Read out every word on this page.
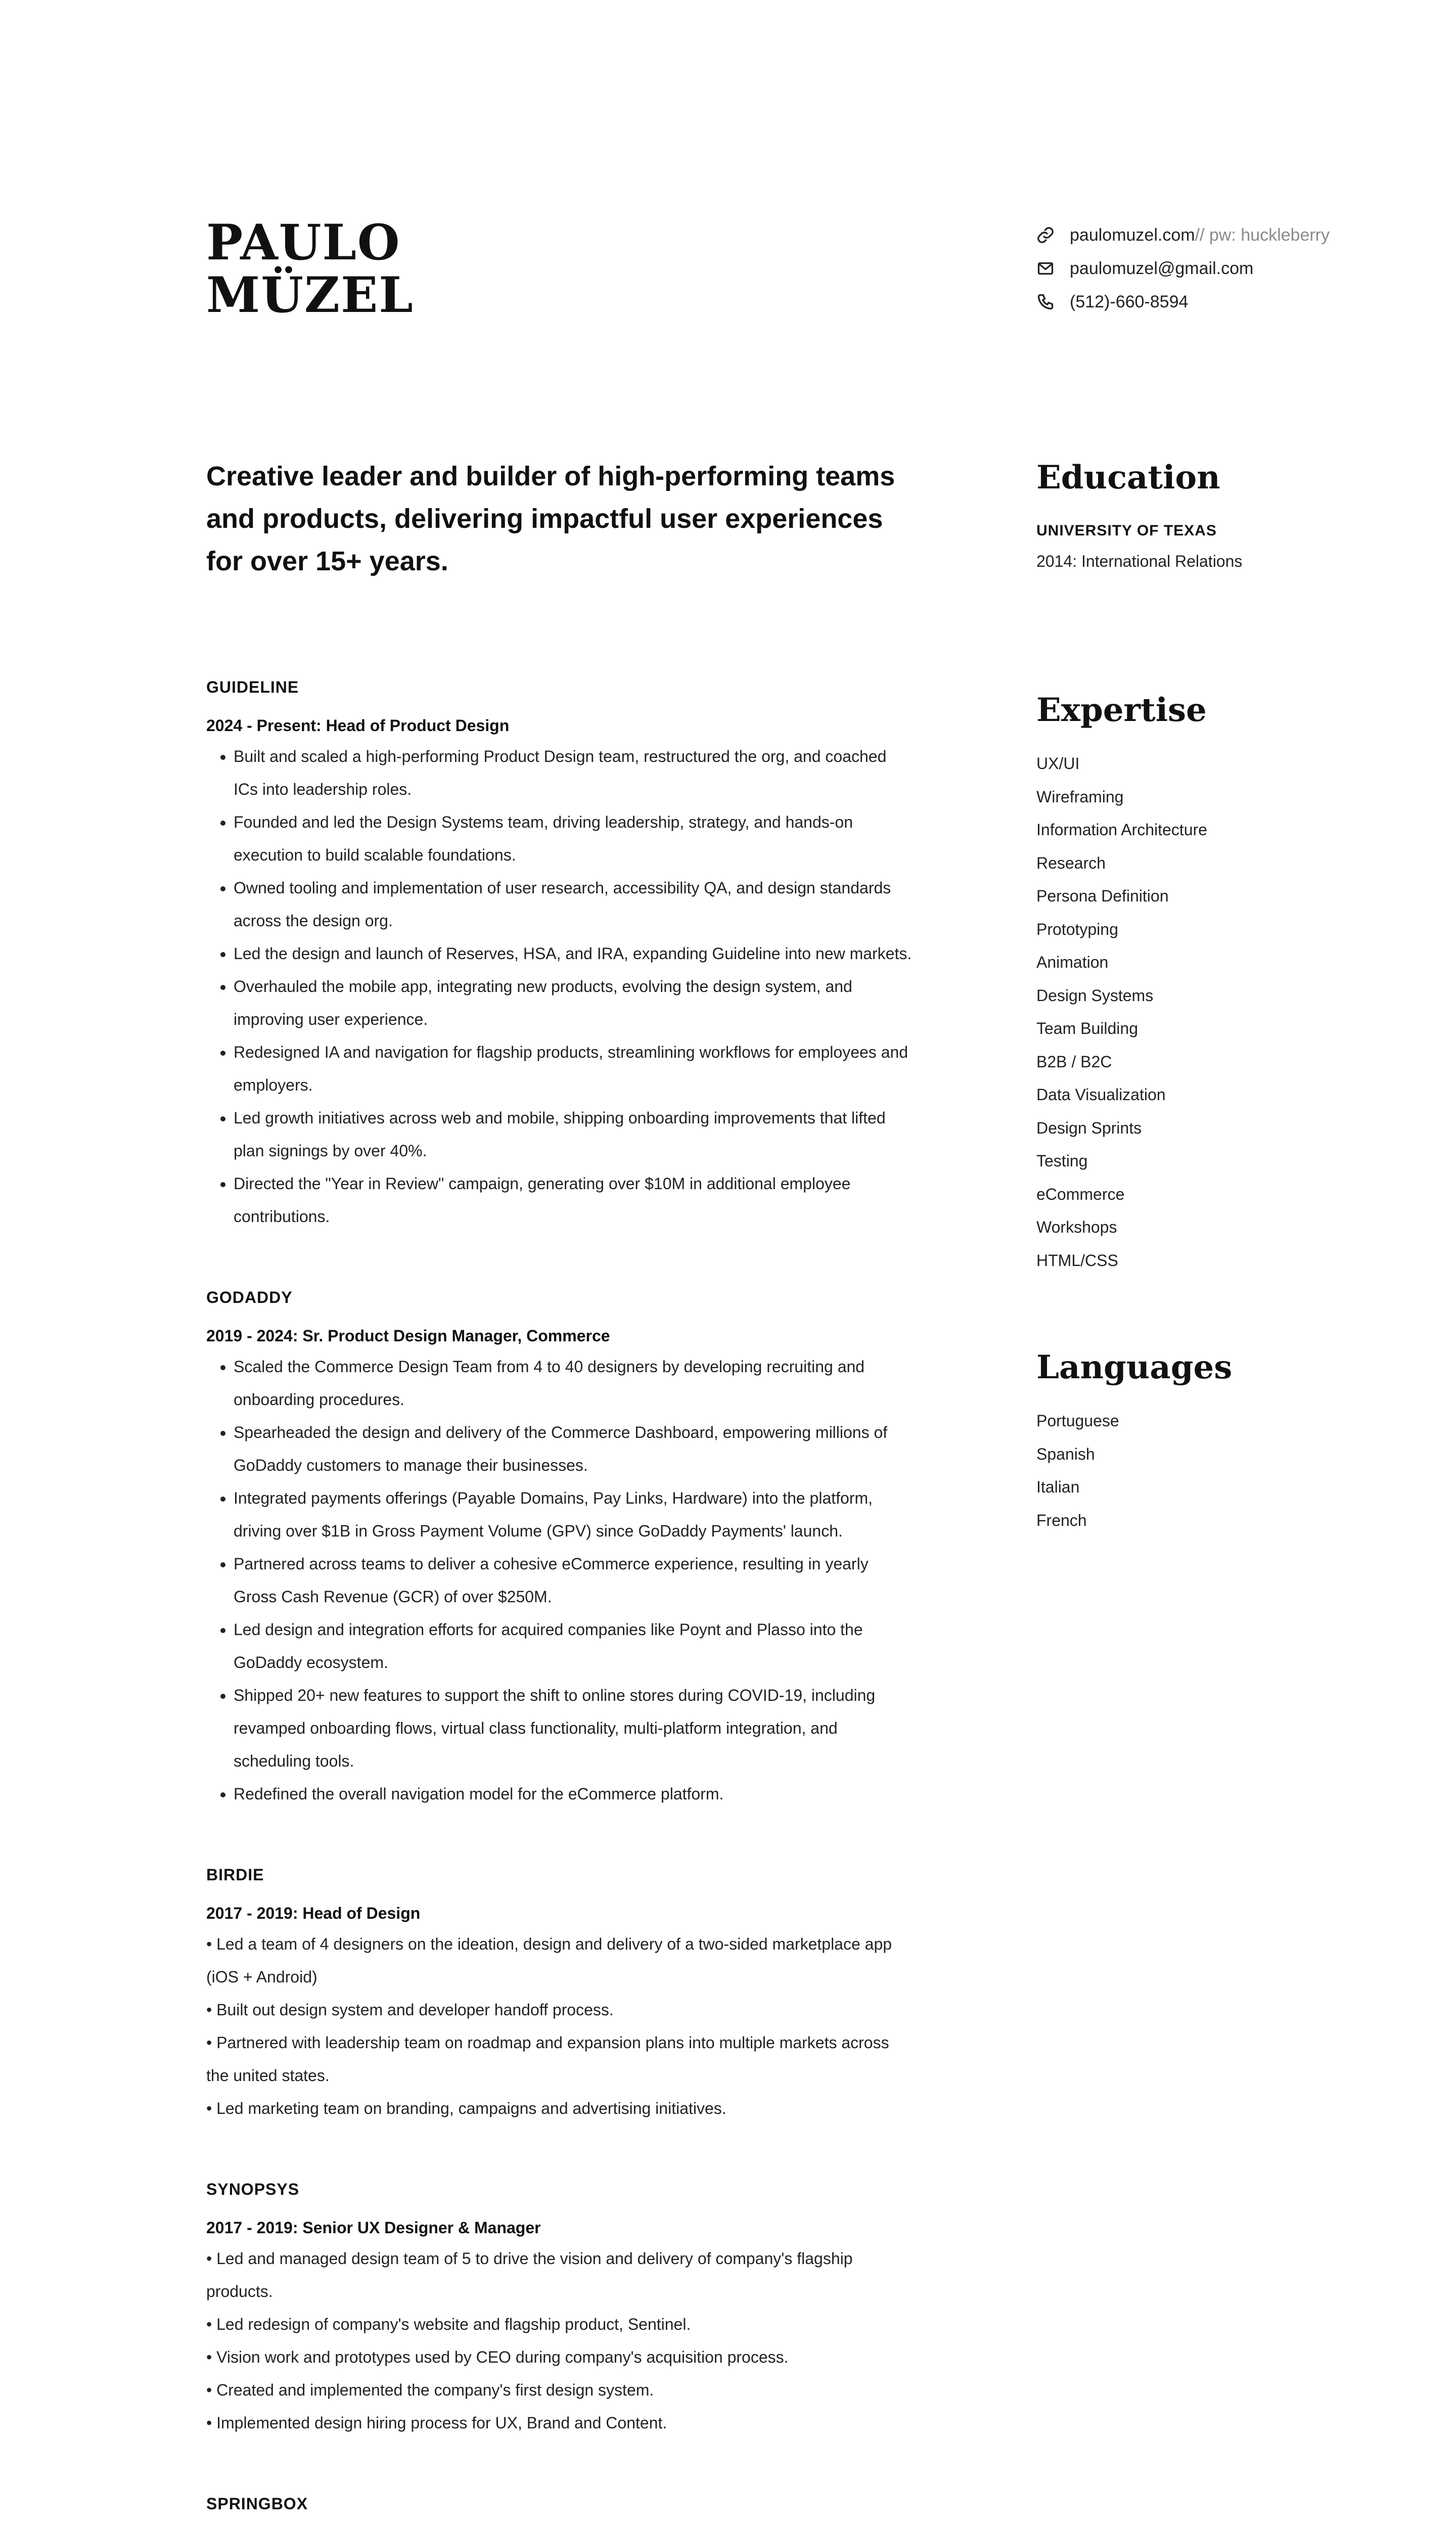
PAULO
MÜZEL
paulomuzel.com // pw: huckleberry
paulomuzel@gmail.com
(512)-660-8594
Creative leader and builder of high-performing teams and products, delivering impactful user experiences for over 15+ years.
GUIDELINE
2024 - Present: Head of Product Design
• Built and scaled a high-performing Product Design team, restructured the org, and coached ICs into leadership roles.
• Founded and led the Design Systems team, driving leadership, strategy, and hands-on execution to build scalable foundations.
• Owned tooling and implementation of user research, accessibility QA, and design standards across the design org.
• Led the design and launch of Reserves, HSA, and IRA, expanding Guideline into new markets.
• Overhauled the mobile app, integrating new products, evolving the design system, and improving user experience.
• Redesigned IA and navigation for flagship products, streamlining workflows for employees and employers.
• Led growth initiatives across web and mobile, shipping onboarding improvements that lifted plan signings by over 40%.
• Directed the "Year in Review" campaign, generating over $10M in additional employee contributions.
GODADDY
2019 - 2024: Sr. Product Design Manager, Commerce
• Scaled the Commerce Design Team from 4 to 40 designers by developing recruiting and onboarding procedures.
• Spearheaded the design and delivery of the Commerce Dashboard, empowering millions of GoDaddy customers to manage their businesses.
• Integrated payments offerings (Payable Domains, Pay Links, Hardware) into the platform, driving over $1B in Gross Payment Volume (GPV) since GoDaddy Payments' launch.
• Partnered across teams to deliver a cohesive eCommerce experience, resulting in yearly Gross Cash Revenue (GCR) of over $250M.
• Led design and integration efforts for acquired companies like Poynt and Plasso into the GoDaddy ecosystem.
• Shipped 20+ new features to support the shift to online stores during COVID-19, including revamped onboarding flows, virtual class functionality, multi-platform integration, and scheduling tools.
• Redefined the overall navigation model for the eCommerce platform.
BIRDIE
2017 - 2019: Head of Design

• Led a team of 4 designers on the ideation, design and delivery of a two-sided marketplace app (iOS + Android)

• Built out design system and developer handoff process.

• Partnered with leadership team on roadmap and expansion plans into multiple markets across the united states.

• Led marketing team on branding, campaigns and advertising initiatives.

SYNOPSYS
2017 - 2019: Senior UX Designer & Manager

• Led and managed design team of 5 to drive the vision and delivery of company's flagship products.

• Led redesign of company's website and flagship product, Sentinel.

• Vision work and prototypes used by CEO during company's acquisition process.

• Created and implemented the company's first design system.

• Implemented design hiring process for UX, Brand and Content.

SPRINGBOX

Education
UNIVERSITY OF TEXAS
2014: International Relations
Expertise
UX/UI
Wireframing
Information Architecture
Research
Persona Definition
Prototyping
Animation
Design Systems
Team Building
B2B / B2C
Data Visualization
Design Sprints
Testing
eCommerce
Workshops
HTML/CSS
Languages
Portuguese
Spanish
Italian
French
